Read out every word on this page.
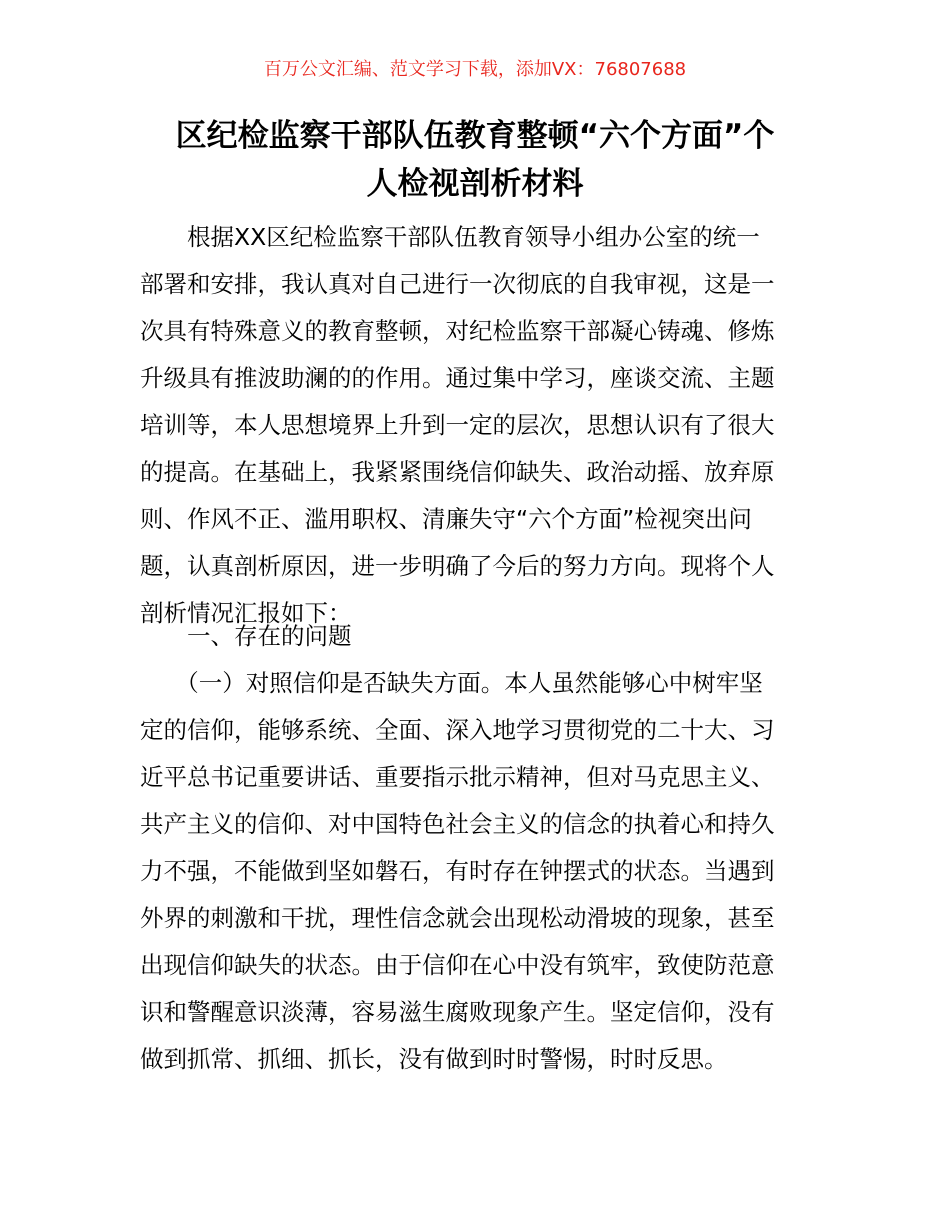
百万公文汇编、范文学习下载，添加VX：76807688
区纪检监察干部队伍教育整顿“六个方面”个
人检视剖析材料
　　根据XX区纪检监察干部队伍教育领导小组办公室的统一
部署和安排，我认真对自己进行一次彻底的自我审视，这是一
次具有特殊意义的教育整顿，对纪检监察干部凝心铸魂、修炼
升级具有推波助澜的的作用。通过集中学习，座谈交流、主题
培训等，本人思想境界上升到一定的层次，思想认识有了很大
的提高。在基础上，我紧紧围绕信仰缺失、政治动摇、放弃原
则、作风不正、滥用职权、清廉失守“六个方面”检视突出问
题，认真剖析原因，进一步明确了今后的努力方向。现将个人
剖析情况汇报如下：
　　一、存在的问题
　　（一）对照信仰是否缺失方面。本人虽然能够心中树牢坚
定的信仰，能够系统、全面、深入地学习贯彻党的二十大、习
近平总书记重要讲话、重要指示批示精神，但对马克思主义、
共产主义的信仰、对中国特色社会主义的信念的执着心和持久
力不强，不能做到坚如磐石，有时存在钟摆式的状态。当遇到
外界的刺激和干扰，理性信念就会出现松动滑坡的现象，甚至
出现信仰缺失的状态。由于信仰在心中没有筑牢，致使防范意
识和警醒意识淡薄，容易滋生腐败现象产生。坚定信仰，没有
做到抓常、抓细、抓长，没有做到时时警惕，时时反思。
